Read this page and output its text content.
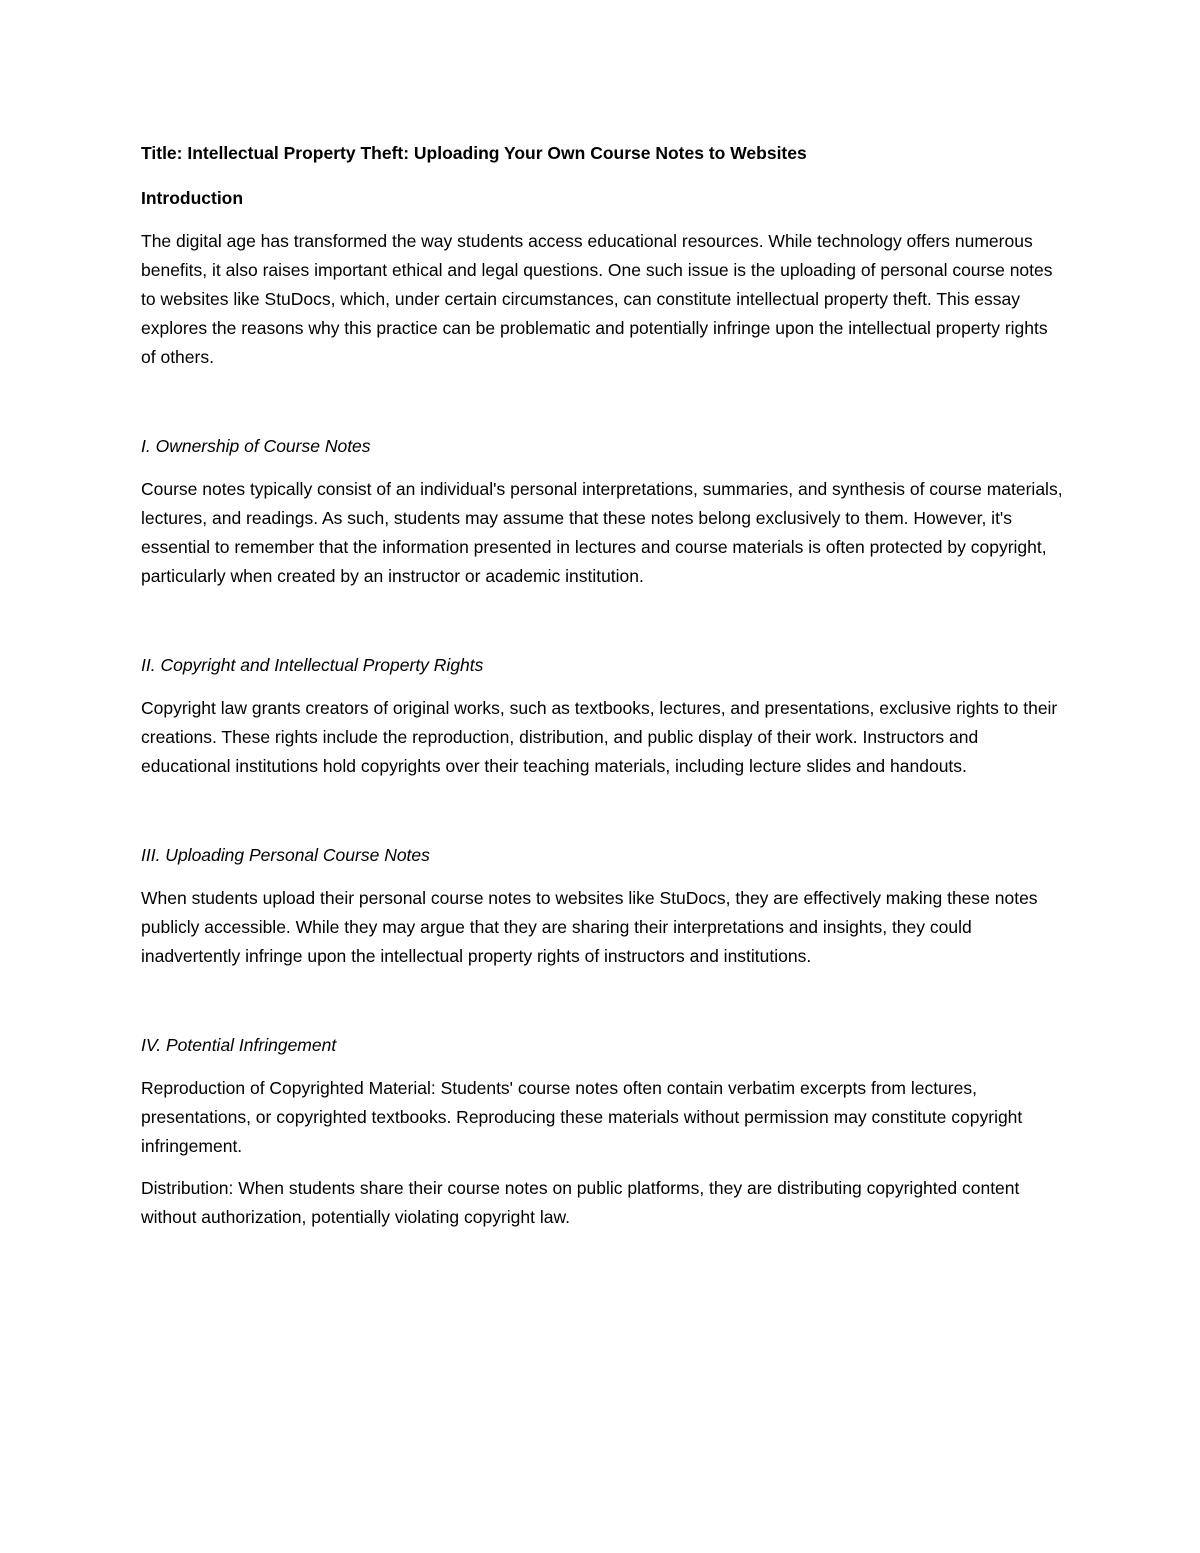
Title: Intellectual Property Theft: Uploading Your Own Course Notes to Websites

Introduction

The digital age has transformed the way students access educational resources. While technology offers numerous benefits, it also raises important ethical and legal questions. One such issue is the uploading of personal course notes to websites like StuDocs, which, under certain circumstances, can constitute intellectual property theft. This essay explores the reasons why this practice can be problematic and potentially infringe upon the intellectual property rights of others.

I. Ownership of Course Notes

Course notes typically consist of an individual's personal interpretations, summaries, and synthesis of course materials, lectures, and readings. As such, students may assume that these notes belong exclusively to them. However, it's essential to remember that the information presented in lectures and course materials is often protected by copyright, particularly when created by an instructor or academic institution.

II. Copyright and Intellectual Property Rights

Copyright law grants creators of original works, such as textbooks, lectures, and presentations, exclusive rights to their creations. These rights include the reproduction, distribution, and public display of their work. Instructors and educational institutions hold copyrights over their teaching materials, including lecture slides and handouts.

III. Uploading Personal Course Notes

When students upload their personal course notes to websites like StuDocs, they are effectively making these notes publicly accessible. While they may argue that they are sharing their interpretations and insights, they could inadvertently infringe upon the intellectual property rights of instructors and institutions.

IV. Potential Infringement

Reproduction of Copyrighted Material: Students' course notes often contain verbatim excerpts from lectures, presentations, or copyrighted textbooks. Reproducing these materials without permission may constitute copyright infringement.

Distribution: When students share their course notes on public platforms, they are distributing copyrighted content without authorization, potentially violating copyright law.
